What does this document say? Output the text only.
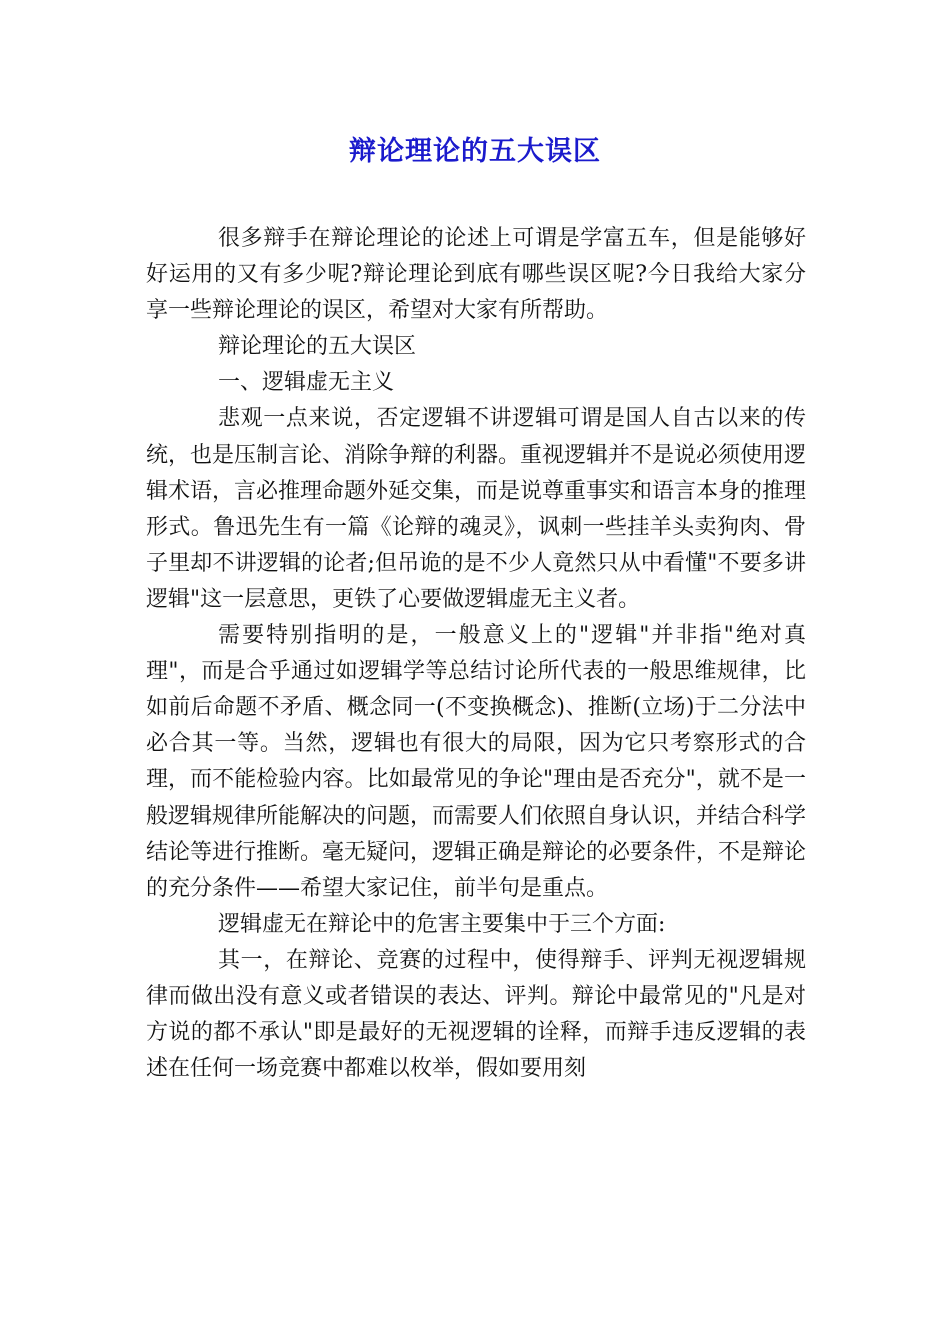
辩论理论的五大误区

很多辩手在辩论理论的论述上可谓是学富五车，但是能够好好运用的又有多少呢?辩论理论到底有哪些误区呢?今日我给大家分享一些辩论理论的误区，希望对大家有所帮助。

辩论理论的五大误区

一、逻辑虚无主义

悲观一点来说，否定逻辑不讲逻辑可谓是国人自古以来的传统，也是压制言论、消除争辩的利器。重视逻辑并不是说必须使用逻辑术语，言必推理命题外延交集，而是说尊重事实和语言本身的推理形式。鲁迅先生有一篇《论辩的魂灵》，讽刺一些挂羊头卖狗肉、骨子里却不讲逻辑的论者;但吊诡的是不少人竟然只从中看懂"不要多讲逻辑"这一层意思，更铁了心要做逻辑虚无主义者。

需要特别指明的是，一般意义上的"逻辑"并非指"绝对真理"，而是合乎通过如逻辑学等总结讨论所代表的一般思维规律，比如前后命题不矛盾、概念同一(不变换概念)、推断(立场)于二分法中必合其一等。当然，逻辑也有很大的局限，因为它只考察形式的合理，而不能检验内容。比如最常见的争论"理由是否充分"，就不是一般逻辑规律所能解决的问题，而需要人们依照自身认识，并结合科学结论等进行推断。毫无疑问，逻辑正确是辩论的必要条件，不是辩论的充分条件——希望大家记住，前半句是重点。

逻辑虚无在辩论中的危害主要集中于三个方面:

其一，在辩论、竞赛的过程中，使得辩手、评判无视逻辑规律而做出没有意义或者错误的表达、评判。辩论中最常见的"凡是对方说的都不承认"即是最好的无视逻辑的诠释，而辩手违反逻辑的表述在任何一场竞赛中都难以枚举，假如要用刻
